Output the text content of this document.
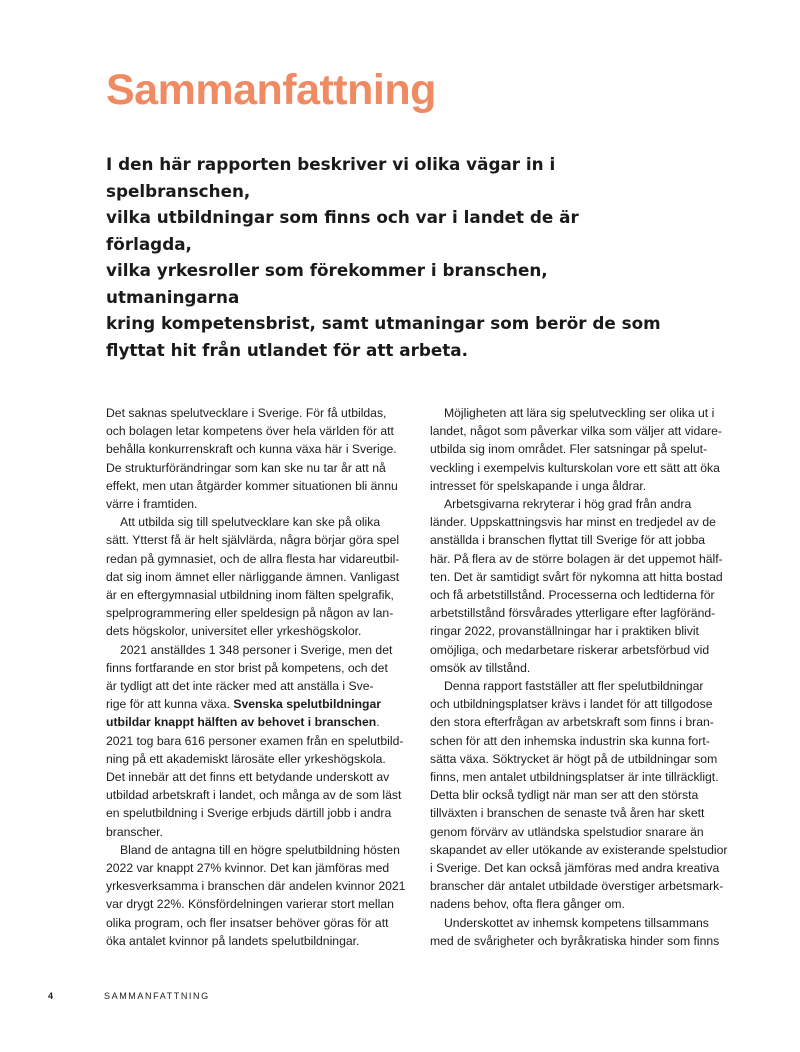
Sammanfattning
I den här rapporten beskriver vi olika vägar in i spelbranschen,
vilka utbildningar som finns och var i landet de är förlagda,
vilka yrkesroller som förekommer i branschen, utmaningarna
kring kompetensbrist, samt utmaningar som berör de som
flyttat hit från utlandet för att arbeta.

Det saknas spelutvecklare i Sverige. För få utbildas,
och bolagen letar kompetens över hela världen för att
behålla konkurrenskraft och kunna växa här i Sverige.
De strukturförändringar som kan ske nu tar år att nå
effekt, men utan åtgärder kommer situationen bli ännu
värre i framtiden.

Att utbilda sig till spelutvecklare kan ske på olika
sätt. Ytterst få är helt självlärda, några börjar göra spel
redan på gymnasiet, och de allra flesta har vidareutbil-
dat sig inom ämnet eller närliggande ämnen. Vanligast
är en eftergymnasial utbildning inom fälten spelgrafik,
spelprogrammering eller speldesign på någon av lan-
dets högskolor, universitet eller yrkeshögskolor.

2021 anställdes 1 348 personer i Sverige, men det
finns fortfarande en stor brist på kompetens, och det
är tydligt att det inte räcker med att anställa i Sve-
rige för att kunna växa. Svenska spelutbildningar
utbildar knappt hälften av behovet i branschen.
2021 tog bara 616 personer examen från en spelutbild-
ning på ett akademiskt lärosäte eller yrkeshögskola.
Det innebär att det finns ett betydande underskott av
utbildad arbetskraft i landet, och många av de som läst
en spelutbildning i Sverige erbjuds därtill jobb i andra
branscher.

Bland de antagna till en högre spelutbildning hösten
2022 var knappt 27% kvinnor. Det kan jämföras med
yrkesverksamma i branschen där andelen kvinnor 2021
var drygt 22%. Könsfördelningen varierar stort mellan
olika program, och fler insatser behöver göras för att
öka antalet kvinnor på landets spelutbildningar.

Möjligheten att lära sig spelutveckling ser olika ut i
landet, något som påverkar vilka som väljer att vidare-
utbilda sig inom området. Fler satsningar på spelut-
veckling i exempelvis kulturskolan vore ett sätt att öka
intresset för spelskapande i unga åldrar.

Arbetsgivarna rekryterar i hög grad från andra
länder. Uppskattningsvis har minst en tredjedel av de
anställda i branschen flyttat till Sverige för att jobba
här. På flera av de större bolagen är det uppemot hälf-
ten. Det är samtidigt svårt för nykomna att hitta bostad
och få arbetstillstånd. Processerna och ledtiderna för
arbetstillstånd försvårades ytterligare efter lagföränd-
ringar 2022, provanställningar har i praktiken blivit
omöjliga, och medarbetare riskerar arbetsförbud vid
omsök av tillstånd.

Denna rapport fastställer att fler spelutbildningar
och utbildningsplatser krävs i landet för att tillgodose
den stora efterfrågan av arbetskraft som finns i bran-
schen för att den inhemska industrin ska kunna fort-
sätta växa. Söktrycket är högt på de utbildningar som
finns, men antalet utbildningsplatser är inte tillräckligt.
Detta blir också tydligt när man ser att den största
tillväxten i branschen de senaste två åren har skett
genom förvärv av utländska spelstudior snarare än
skapandet av eller utökande av existerande spelstudior
i Sverige. Det kan också jämföras med andra kreativa
branscher där antalet utbildade överstiger arbetsmark-
nadens behov, ofta flera gånger om.

Underskottet av inhemsk kompetens tillsammans
med de svårigheter och byråkratiska hinder som finns

4	SAMMANFATTNING
